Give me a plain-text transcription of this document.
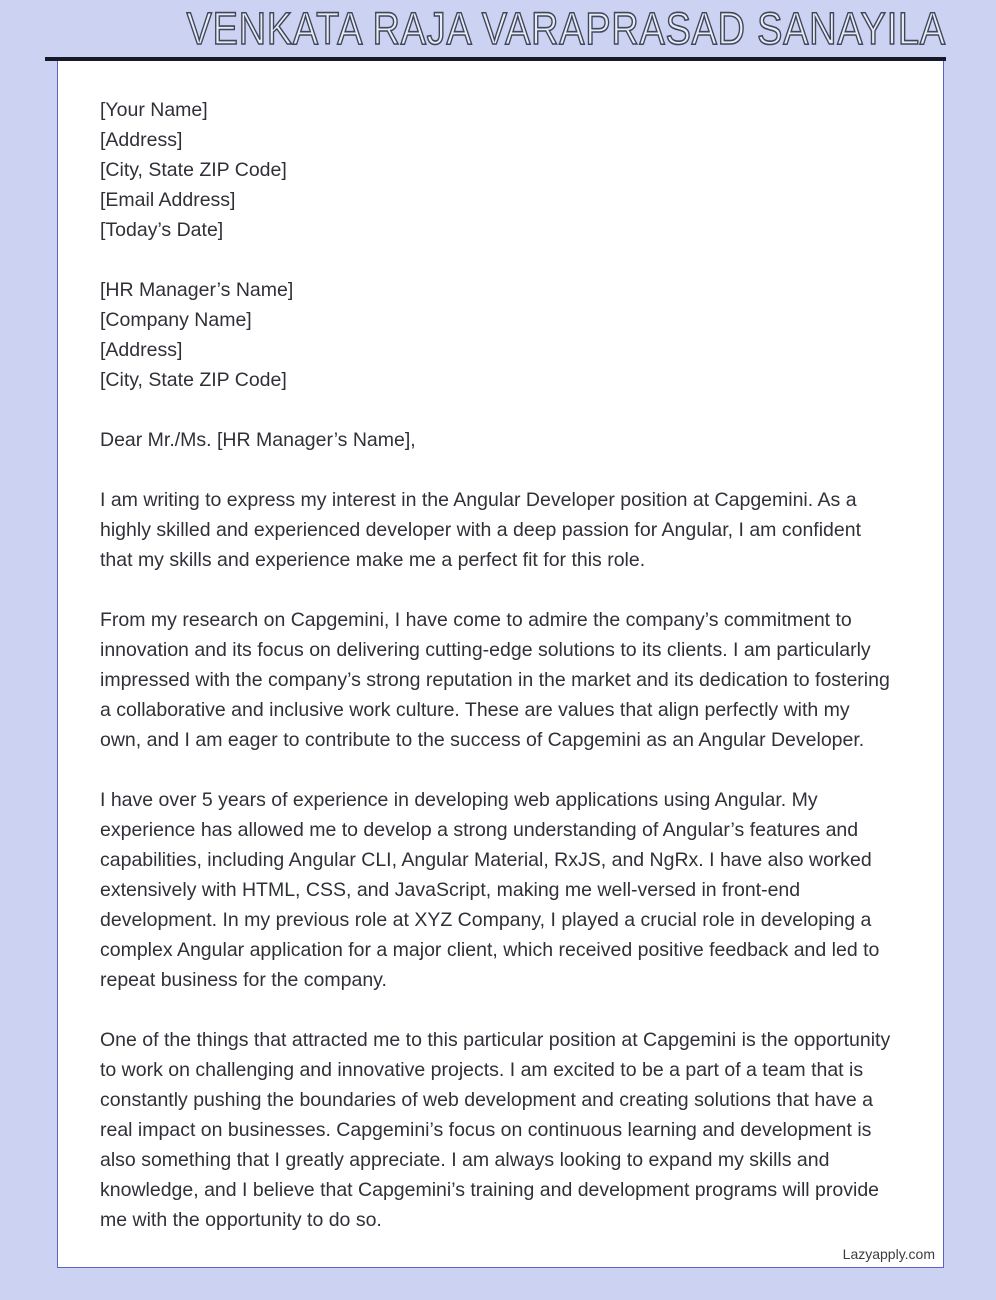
VENKATA RAJA VARAPRASAD SANAYILA
[Your Name]
[Address]
[City, State ZIP Code]
[Email Address]
[Today’s Date]
[HR Manager’s Name]
[Company Name]
[Address]
[City, State ZIP Code]

Dear Mr./Ms. [HR Manager’s Name],

I am writing to express my interest in the Angular Developer position at Capgemini. As a highly skilled and experienced developer with a deep passion for Angular, I am confident that my skills and experience make me a perfect fit for this role.

From my research on Capgemini, I have come to admire the company’s commitment to innovation and its focus on delivering cutting-edge solutions to its clients. I am particularly impressed with the company’s strong reputation in the market and its dedication to fostering a collaborative and inclusive work culture. These are values that align perfectly with my own, and I am eager to contribute to the success of Capgemini as an Angular Developer.

I have over 5 years of experience in developing web applications using Angular. My experience has allowed me to develop a strong understanding of Angular’s features and capabilities, including Angular CLI, Angular Material, RxJS, and NgRx. I have also worked extensively with HTML, CSS, and JavaScript, making me well-versed in front-end development. In my previous role at XYZ Company, I played a crucial role in developing a complex Angular application for a major client, which received positive feedback and led to repeat business for the company.

One of the things that attracted me to this particular position at Capgemini is the opportunity to work on challenging and innovative projects. I am excited to be a part of a team that is constantly pushing the boundaries of web development and creating solutions that have a real impact on businesses. Capgemini’s focus on continuous learning and development is also something that I greatly appreciate. I am always looking to expand my skills and knowledge, and I believe that Capgemini’s training and development programs will provide me with the opportunity to do so.

Lazyapply.com
